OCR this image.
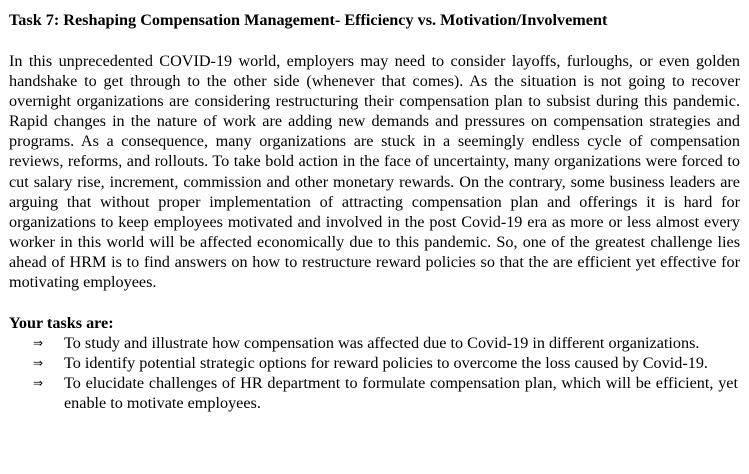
Task 7: Reshaping Compensation Management- Efficiency vs. Motivation/Involvement

In this unprecedented COVID-19 world, employers may need to consider layoffs, furloughs, or even golden handshake to get through to the other side (whenever that comes). As the situation is not going to recover overnight organizations are considering restructuring their compensation plan to subsist during this pandemic. Rapid changes in the nature of work are adding new demands and pressures on compensation strategies and programs. As a consequence, many organizations are stuck in a seemingly endless cycle of compensation reviews, reforms, and rollouts. To take bold action in the face of uncertainty, many organizations were forced to cut salary rise, increment, commission and other monetary rewards. On the contrary, some business leaders are arguing that without proper implementation of attracting compensation plan and offerings it is hard for organizations to keep employees motivated and involved in the post Covid-19 era as more or less almost every worker in this world will be affected economically due to this pandemic. So, one of the greatest challenge lies ahead of HRM is to find answers on how to restructure reward policies so that the are efficient yet effective for motivating employees.

Your tasks are:
⇒	To study and illustrate how compensation was affected due to Covid-19 in different organizations.
⇒	To identify potential strategic options for reward policies to overcome the loss caused by Covid-19.
⇒	To elucidate challenges of HR department to formulate compensation plan, which will be efficient, yet enable to motivate employees.
